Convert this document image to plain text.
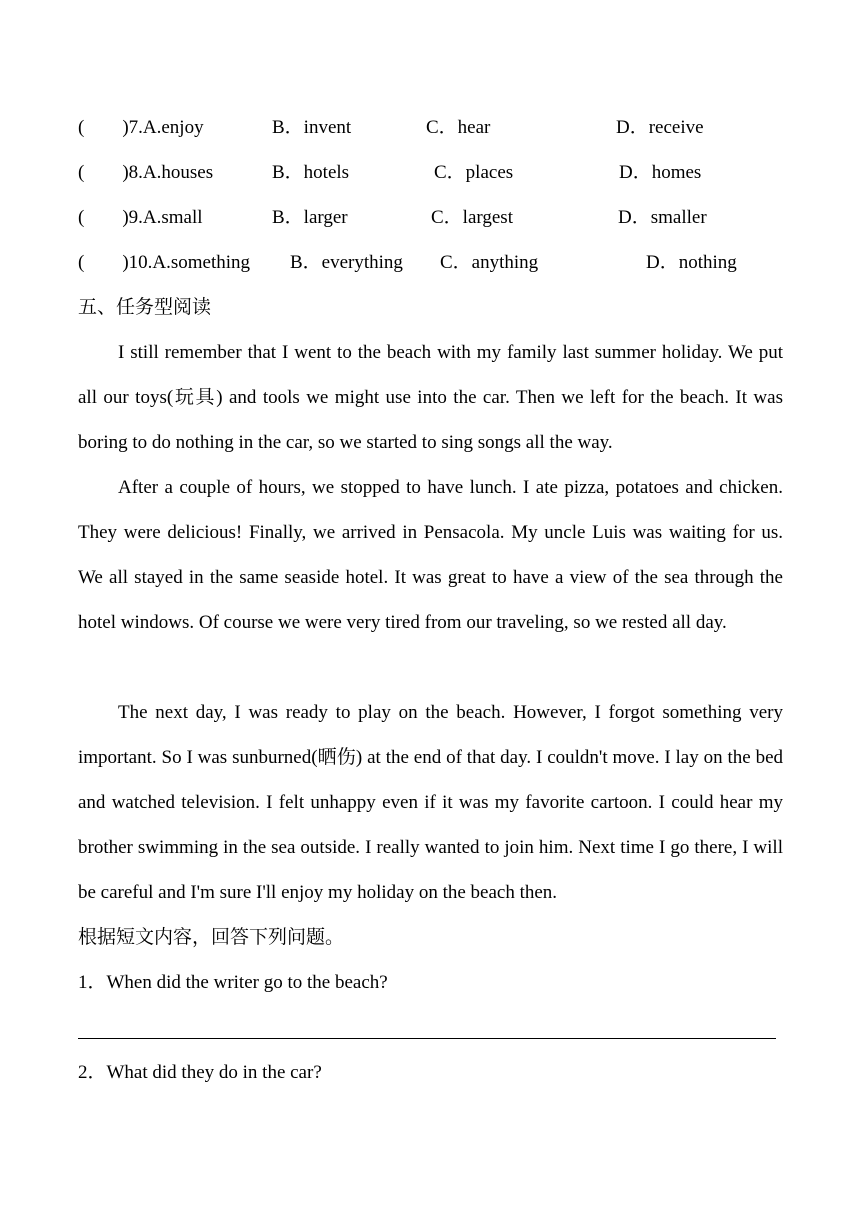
(　　)7.A.enjoy	B．invent	C．hear	D．receive
(　　)8.A.houses	B．hotels	C．places	D．homes
(　　)9.A.small	B．larger	C．largest	D．smaller
(　　)10.A.something B．everything C．anything	D．nothing
五、任务型阅读
I still remember that I went to the beach with my family last summer holiday. We put all our toys(玩具) and tools we might use into the car. Then we left for the beach. It was boring to do nothing in the car, so we started to sing songs all the way.
After a couple of hours, we stopped to have lunch. I ate pizza, potatoes and chicken. They were delicious! Finally, we arrived in Pensacola. My uncle Luis was waiting for us. We all stayed in the same seaside hotel. It was great to have a view of the sea through the hotel windows. Of course we were very tired from our traveling, so we rested all day.
The next day, I was ready to play on the beach. However, I forgot something very important. So I was sunburned(晒伤) at the end of that day. I couldn't move. I lay on the bed and watched television. I felt unhappy even if it was my favorite cartoon. I could hear my brother swimming in the sea outside. I really wanted to join him. Next time I go there, I will be careful and I'm sure I'll enjoy my holiday on the beach then.
根据短文内容，回答下列问题。
1．When did the writer go to the beach?
2．What did they do in the car?
